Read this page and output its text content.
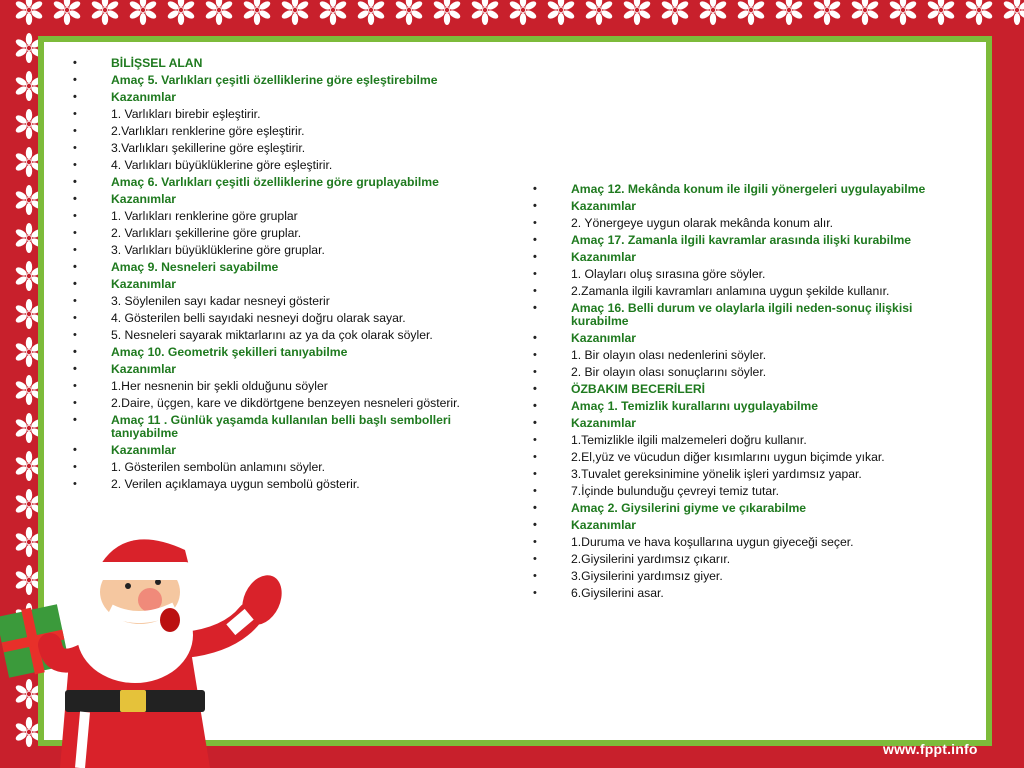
• BİLİŞSEL ALAN
• Amaç 5. Varlıkları çeşitli özelliklerine göre eşleştirebilme
• Kazanımlar
• 1. Varlıkları birebir eşleştirir.
• 2.Varlıkları renklerine göre eşleştirir.
• 3.Varlıkları şekillerine göre eşleştirir.
• 4. Varlıkları büyüklüklerine göre eşleştirir.
• Amaç 6. Varlıkları çeşitli özelliklerine göre gruplayabilme
• Kazanımlar
• 1. Varlıkları renklerine göre gruplar
• 2. Varlıkları şekillerine göre gruplar.
• 3. Varlıkları büyüklüklerine göre gruplar.
• Amaç 9. Nesneleri sayabilme
• Kazanımlar
• 3. Söylenilen sayı kadar nesneyi gösterir
• 4. Gösterilen belli sayıdaki nesneyi doğru olarak sayar.
• 5. Nesneleri sayarak miktarlarını az ya da çok olarak söyler.
• Amaç 10. Geometrik şekilleri tanıyabilme
• Kazanımlar
• 1.Her nesnenin bir şekli olduğunu söyler
• 2.Daire, üçgen, kare ve dikdörtgene benzeyen nesneleri gösterir.
• Amaç 11 . Günlük yaşamda kullanılan belli başlı sembolleri tanıyabilme
• Kazanımlar
• 1. Gösterilen sembolün anlamını söyler.
• 2. Verilen açıklamaya uygun sembolü gösterir.
• Amaç 12. Mekânda konum ile ilgili yönergeleri uygulayabilme
• Kazanımlar
• 2. Yönergeye uygun olarak mekânda konum alır.
• Amaç 17. Zamanla ilgili kavramlar arasında ilişki kurabilme
• Kazanımlar
• 1. Olayları oluş sırasına göre söyler.
• 2.Zamanla ilgili kavramları anlamına uygun şekilde kullanır.
• Amaç 16. Belli durum ve olaylarla ilgili neden-sonuç ilişkisi kurabilme
• Kazanımlar
• 1. Bir olayın olası nedenlerini söyler.
• 2. Bir olayın olası sonuçlarını söyler.
• ÖZBAKIM BECERİLERİ
• Amaç 1. Temizlik kurallarını uygulayabilme
• Kazanımlar
• 1.Temizlikle ilgili malzemeleri doğru kullanır.
• 2.El,yüz ve vücudun diğer kısımlarını uygun biçimde yıkar.
• 3.Tuvalet gereksinimine yönelik işleri yardımsız yapar.
• 7.İçinde bulunduğu çevreyi temiz tutar.
• Amaç 2. Giysilerini giyme ve çıkarabilme
• Kazanımlar
• 1.Duruma ve hava koşullarına uygun giyeceği seçer.
• 2.Giysilerini yardımsız çıkarır.
• 3.Giysilerini yardımsız giyer.
• 6.Giysilerini asar.
www.fppt.info
